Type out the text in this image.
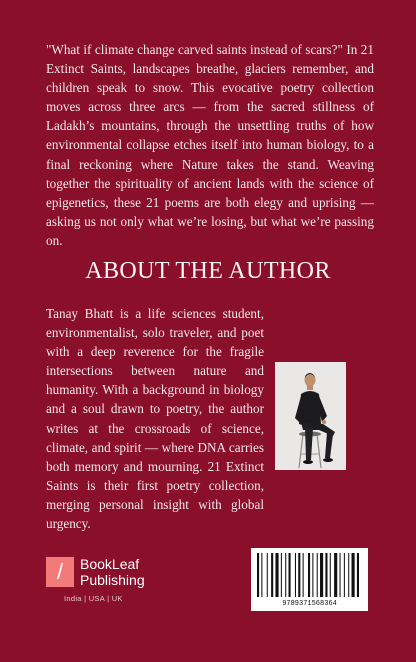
"What if climate change carved saints instead of scars?" In 21 Extinct Saints, landscapes breathe, glaciers remember, and children speak to snow. This evocative poetry collection moves across three arcs — from the sacred stillness of Ladakh’s mountains, through the unsettling truths of how environmental collapse etches itself into human biology, to a final reckoning where Nature takes the stand. Weaving together the spirituality of ancient lands with the science of epigenetics, these 21 poems are both elegy and uprising — asking us not only what we’re losing, but what we’re passing on.

ABOUT THE AUTHOR

Tanay Bhatt is a life sciences student, environmentalist, solo traveler, and poet with a deep reverence for the fragile intersections between nature and humanity. With a background in biology and a soul drawn to poetry, the author writes at the crossroads of science, climate, and spirit — where DNA carries both memory and mourning. 21 Extinct Saints is their first poetry collection, merging personal insight with global urgency.

/	BookLeaf
Publishing
India | USA | UK
9789371568364
